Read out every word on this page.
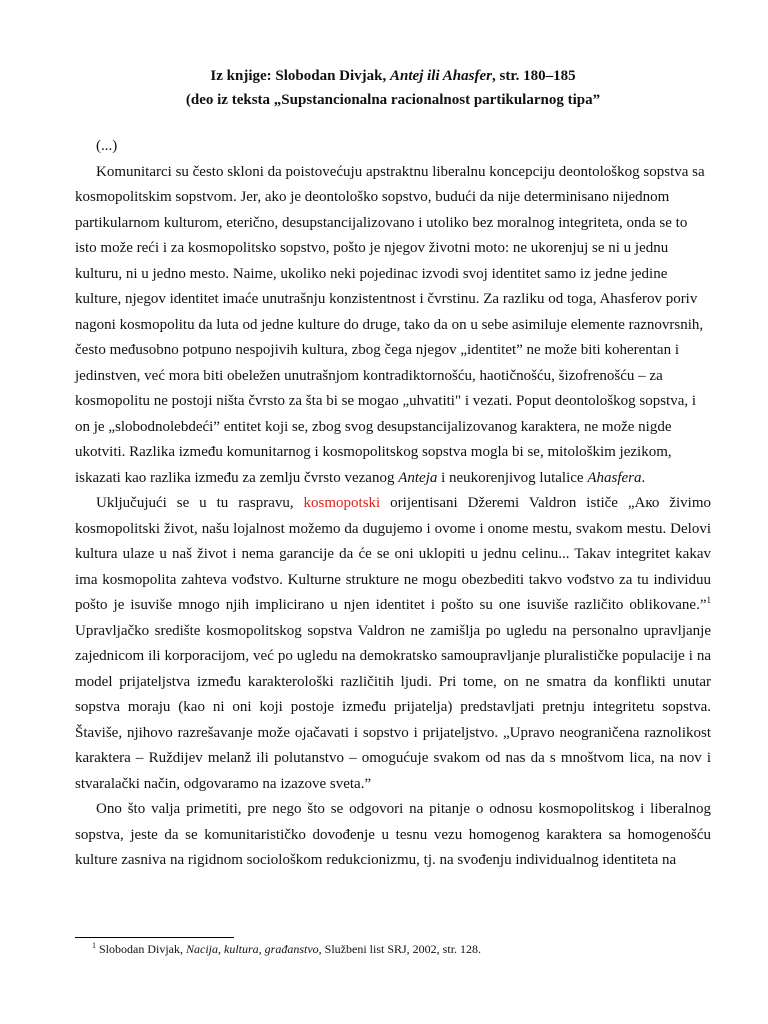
Iz knjige: Slobodan Divjak, Antej ili Ahasfer, str. 180–185

(deo iz teksta „Supstancionalna racionalnost partikularnog tipa”

(...)

Komunitarci su često skloni da poistovećuju apstraktnu liberalnu koncepciju deontološkog sopstva sa kosmopolitskim sopstvom. Jer, ako je deontološko sopstvo, budući da nije determinisano nijednom partikularnom kulturom, eterično, desupstancijalizovano i utoliko bez moralnog integriteta, onda se to isto može reći i za kosmopolitsko sopstvo, pošto je njegov životni moto: ne ukorenjuj se ni u jednu kulturu, ni u jedno mesto. Naime, ukoliko neki pojedinac izvodi svoj identitet samo iz jedne jedine kulture, njegov identitet imaće unutrašnju konzistentnost i čvrstinu. Za razliku od toga, Ahasferov poriv nagoni kosmopolitu da luta od jedne kulture do druge, tako da on u sebe asimiluje elemente raznovrsnih, često međusobno potpuno nespojivih kultura, zbog čega njegov „identitet” ne može biti koherentan i jedinstven, već mora biti obeležen unutrašnjom kontradiktornošću, haotičnošću, šizofrenošću – za kosmopolitu ne postoji ništa čvrsto za šta bi se mogao „uhvatiti" i vezati. Poput deontološkog sopstva, i on je „slobodnolebdeći” entitet koji se, zbog svog desupstancijalizovanog karaktera, ne može nigde ukotviti. Razlika između komunitarnog i kosmopolitskog sopstva mogla bi se, mitološkim jezikom, iskazati kao razlika između za zemlju čvrsto vezanog Anteja i neukorenjivog lutalice Ahasfera.

Uključujući se u tu raspravu, kosmopotski orijentisani Džeremi Valdron ističe „Ако živimo kosmopolitski život, našu lojalnost možemo da dugujemo i ovome i onome mestu, svakom mestu. Delovi kultura ulaze u naš život i nema garancije da će se oni uklopiti u jednu celinu... Takav integritet kakav ima kosmopolita zahteva vođstvo. Kulturne strukture ne mogu obezbediti takvo vođstvo za tu individuu pošto je isuviše mnogo njih implicirano u njen identitet i pošto su one isuviše različito oblikovane.”$^1$ Upravljačko središte kosmopolitskog sopstva Valdron ne zamišlja po ugledu na personalno upravljanje zajednicom ili korporacijom, već po ugledu na demokratsko samoupravljanje pluralističke populacije i na model prijateljstva između karakterološki različitih ljudi. Pri tome, on ne smatra da konflikti unutar sopstva moraju (kao ni oni koji postoje između prijatelja) predstavljati pretnju integritetu sopstva. Štaviše, njihovo razrešavanje može ojačavati i sopstvo i prijateljstvo. „Upravo neograničena raznolikost karaktera – Ruždijev melanž ili polutanstvo – omogućuje svakom od nas da s mnoštvom lica, na nov i stvaralački način, odgovaramo na izazove sveta.”

Ono što valja primetiti, pre nego što se odgovori na pitanje o odnosu kosmopolitskog i liberalnog sopstva, jeste da se komunitarističko dovođenje u tesnu vezu homogenog karaktera sa homogenošću kulture zasniva na rigidnom sociološkom redukcionizmu, tj. na svođenju individualnog identiteta na

$^1$ Slobodan Divjak, Nacija, kultura, građanstvo, Službeni list SRJ, 2002, str. 128.
